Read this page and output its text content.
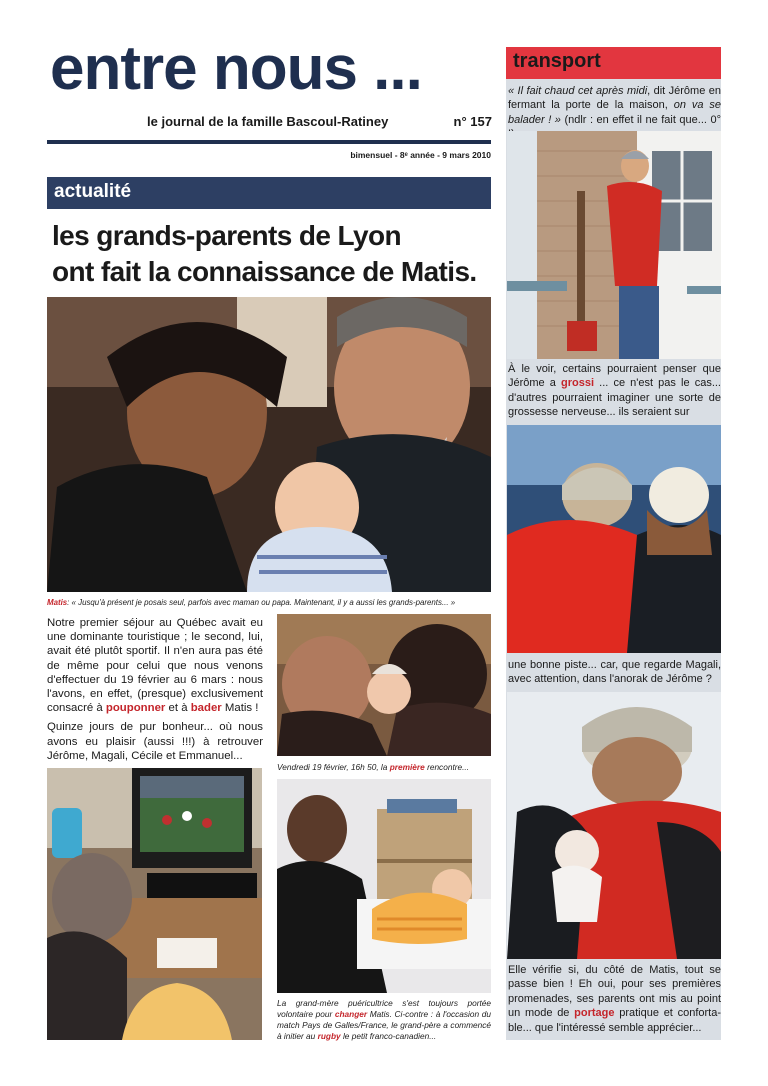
entre nous ...
le journal de la famille Bascoul-Ratiney	n° 157
bimensuel - 8ᵉ année - 9 mars 2010
actualité
les grands-parents de Lyon
ont fait la connaissance de Matis.
Matis: « Jusqu'à présent je posais seul, parfois avec maman ou papa. Maintenant, il y a aussi les grands-parents... »

Notre premier séjour au Québec avait eu une dominante touristique ; le second, lui, avait été plutôt sportif. Il n'en aura pas été de même pour celui que nous venons d'effectuer du 19 février au 6 mars : nous l'avons, en effet, (presque) exclusivement consacré à pouponner et à bader Matis !

Quinze jours de pur bonheur... où nous avons eu plaisir (aussi !!!) à retrouver Jérôme, Magali, Cécile et Emmanuel...

Vendredi 19 février, 16h 50, la première rencontre...
La grand-mère puéricultrice s'est toujours portée volontaire pour changer Matis. Ci-contre : à l'occasion du match Pays de Galles/France, le grand-père a commencé à initier au rugby le petit franco-canadien...
transport
« Il fait chaud cet après midi, dit Jérôme en fermant la porte de la maison, on va se balader ! » (ndlr : en effet il ne fait que... 0°
À le voir, certains pourraient penser que Jérôme a grossi ... ce n'est pas le cas... d'autres pourraient imaginer une sorte de grossesse nerveuse... ils seraient sur
une bonne piste... car, que regarde Magali, avec attention, dans l'anorak de Jérôme ?
Elle vérifie si, du côté de Matis, tout se passe bien ! Eh oui, pour ses premières promenades, ses parents ont mis au point un mode de portage pratique et conforta-ble... que l'intéressé semble apprécier...
